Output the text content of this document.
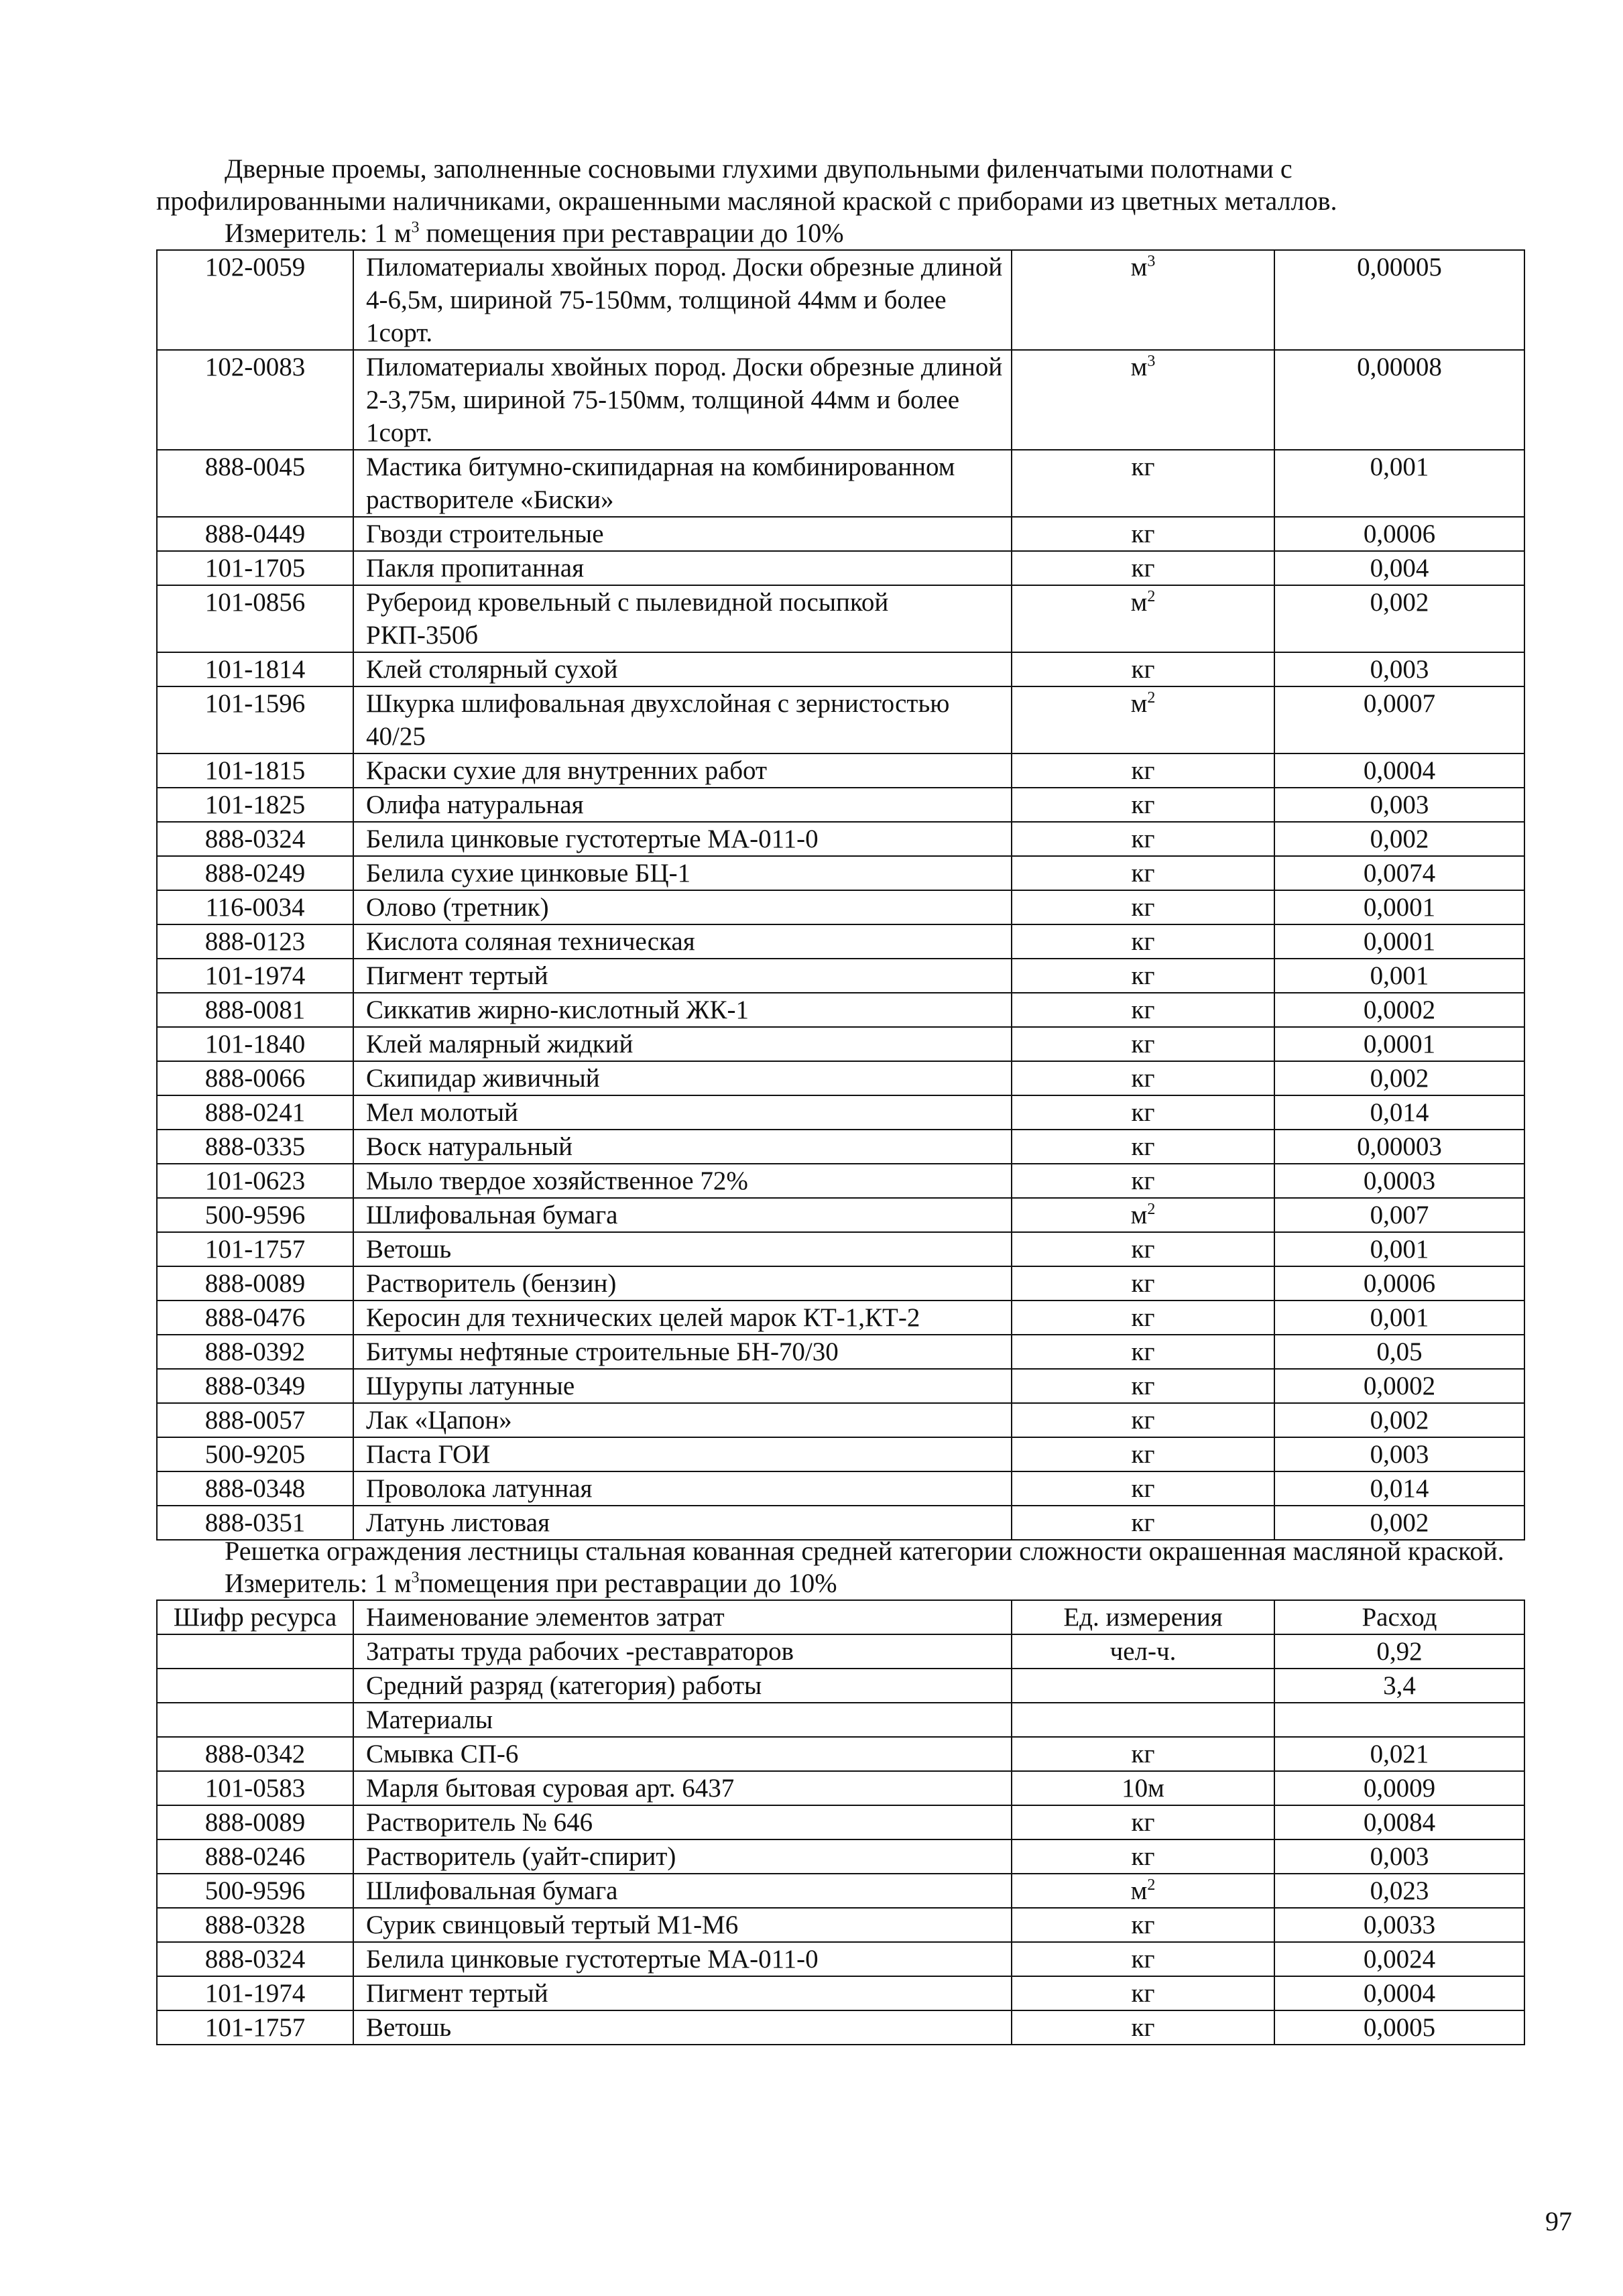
Дверные проемы, заполненные сосновыми глухими двупольными филенчатыми полотнами с

профилированными наличниками, окрашенными масляной краской с приборами из цветных металлов.

Измеритель: 1 $м^3$ помещения при реставрации до 10%

102-0059	Пиломатериалы хвойных пород. Доски обрезные длиной 4-6,5м, шириной 75-150мм, толщиной 44мм и более 1сорт.	$м^3$	0,00005
102-0083	Пиломатериалы хвойных пород. Доски обрезные длиной 2-3,75м, шириной 75-150мм, толщиной 44мм и более 1сорт.	$м^3$	0,00008
888-0045	Мастика битумно-скипидарная на комбинированном растворителе «Биски»	кг	0,001
888-0449	Гвозди строительные	кг	0,0006
101-1705	Пакля пропитанная	кг	0,004
101-0856	Рубероид кровельный с пылевидной посыпкой РКП-350б	$м^2$	0,002
101-1814	Клей столярный сухой	кг	0,003
101-1596	Шкурка шлифовальная двухслойная с зернистостью 40/25	$м^2$	0,0007
101-1815	Краски сухие для внутренних работ	кг	0,0004
101-1825	Олифа натуральная	кг	0,003
888-0324	Белила цинковые густотертые МА-011-0	кг	0,002
888-0249	Белила сухие цинковые БЦ-1	кг	0,0074
116-0034	Олово (третник)	кг	0,0001
888-0123	Кислота соляная техническая	кг	0,0001
101-1974	Пигмент тертый	кг	0,001
888-0081	Сиккатив жирно-кислотный ЖК-1	кг	0,0002
101-1840	Клей малярный жидкий	кг	0,0001
888-0066	Скипидар живичный	кг	0,002
888-0241	Мел молотый	кг	0,014
888-0335	Воск натуральный	кг	0,00003
101-0623	Мыло твердое хозяйственное 72%	кг	0,0003
500-9596	Шлифовальная бумага	$м^2$	0,007
101-1757	Ветошь	кг	0,001
888-0089	Растворитель (бензин)	кг	0,0006
888-0476	Керосин для технических целей марок КТ-1,КТ-2	кг	0,001
888-0392	Битумы нефтяные строительные БН-70/30	кг	0,05
888-0349	Шурупы латунные	кг	0,0002
888-0057	Лак «Цапон»	кг	0,002
500-9205	Паста ГОИ	кг	0,003
888-0348	Проволока латунная	кг	0,014
888-0351	Латунь листовая	кг	0,002

Решетка ограждения лестницы стальная кованная средней категории сложности окрашенная масляной краской.

Измеритель: 1 $м^3помещения$ при реставрации до 10%

Шифр ресурса	Наименование элементов затрат	Ед. измерения	Расход
	Затраты труда рабочих -реставраторов	чел-ч.	0,92
	Средний разряд (категория) работы		3,4
	Материалы		
888-0342	Смывка СП-6	кг	0,021
101-0583	Марля бытовая суровая арт. 6437	10м	0,0009
888-0089	Растворитель № 646	кг	0,0084
888-0246	Растворитель (уайт-спирит)	кг	0,003
500-9596	Шлифовальная бумага	$м^2$	0,023
888-0328	Сурик свинцовый тертый М1-М6	кг	0,0033
888-0324	Белила цинковые густотертые МА-011-0	кг	0,0024
101-1974	Пигмент тертый	кг	0,0004
101-1757	Ветошь	кг	0,0005
97
